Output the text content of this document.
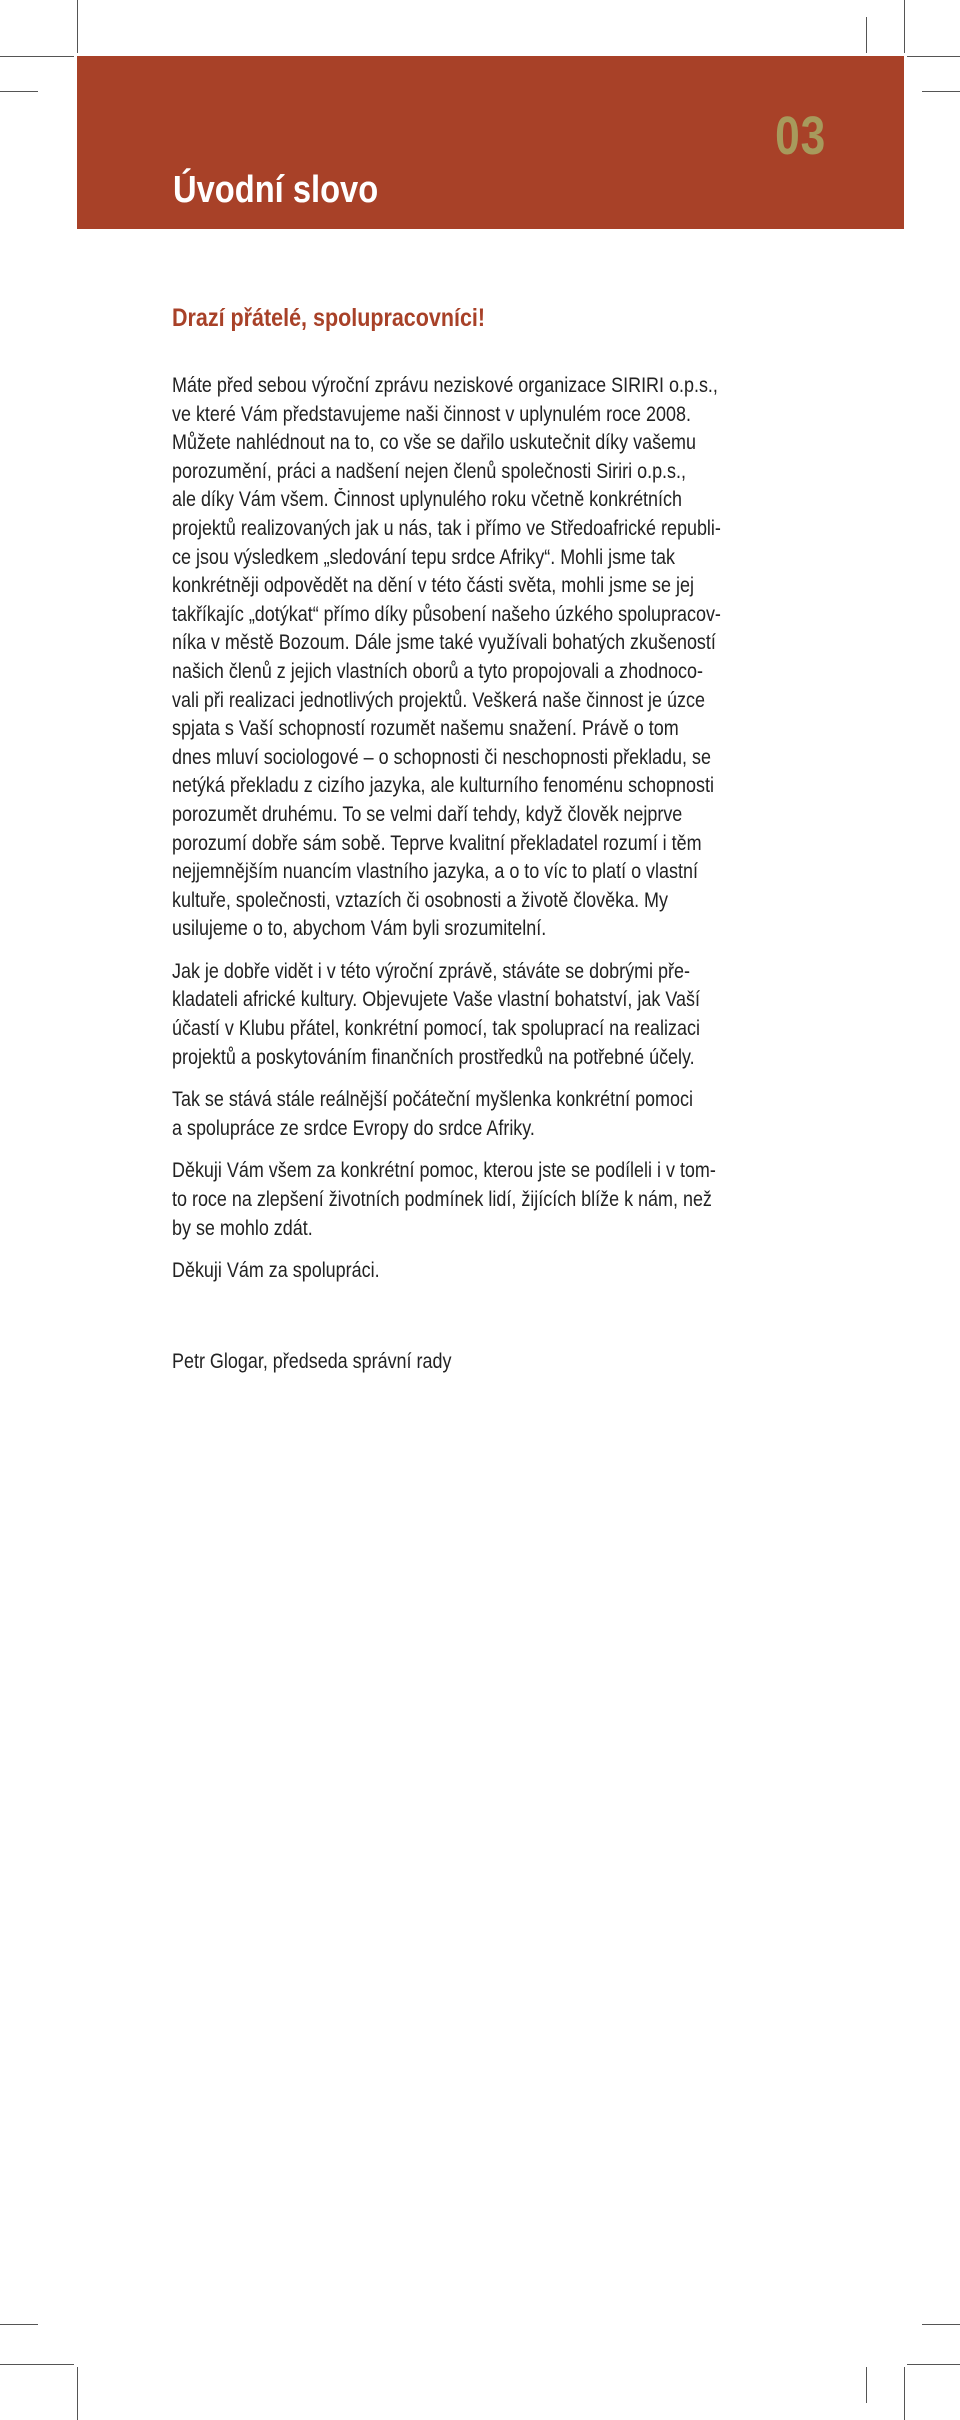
03
Úvodní slovo
Drazí přátelé, spolupracovníci!
Máte před sebou výroční zprávu neziskové organizace SIRIRI o.p.s.,
ve které Vám představujeme naši činnost v uplynulém roce 2008.
Můžete nahlédnout na to, co vše se dařilo uskutečnit díky vašemu
porozumění, práci a nadšení nejen členů společnosti Siriri o.p.s.,
ale díky Vám všem. Činnost uplynulého roku včetně konkrétních
projektů realizovaných jak u nás, tak i přímo ve Středoafrické republi-
ce jsou výsledkem „sledování tepu srdce Afriky“. Mohli jsme tak
konkrétněji odpovědět na dění v této části světa, mohli jsme se jej
takříkajíc „dotýkat“ přímo díky působení našeho úzkého spolupracov-
níka v městě Bozoum. Dále jsme také využívali bohatých zkušeností
našich členů z jejich vlastních oborů a tyto propojovali a zhodnoco-
vali při realizaci jednotlivých projektů. Veškerá naše činnost je úzce
spjata s Vaší schopností rozumět našemu snažení. Právě o tom
dnes mluví sociologové – o schopnosti či neschopnosti překladu, se
netýká překladu z cizího jazyka, ale kulturního fenoménu schopnosti
porozumět druhému. To se velmi daří tehdy, když člověk nejprve
porozumí dobře sám sobě. Teprve kvalitní překladatel rozumí i těm
nejjemnějším nuancím vlastního jazyka, a o to víc to platí o vlastní
kultuře, společnosti, vztazích či osobnosti a životě člověka. My
usilujeme o to, abychom Vám byli srozumitelní.
Jak je dobře vidět i v této výroční zprávě, stáváte se dobrými pře-
kladateli africké kultury. Objevujete Vaše vlastní bohatství, jak Vaší
účastí v Klubu přátel, konkrétní pomocí, tak spoluprací na realizaci
projektů a poskytováním finančních prostředků na potřebné účely.
Tak se stává stále reálnější počáteční myšlenka konkrétní pomoci
a spolupráce ze srdce Evropy do srdce Afriky.
Děkuji Vám všem za konkrétní pomoc, kterou jste se podíleli i v tom-
to roce na zlepšení životních podmínek lidí, žijících blíže k nám, než
by se mohlo zdát.
Děkuji Vám za spolupráci.
Petr Glogar, předseda správní rady
